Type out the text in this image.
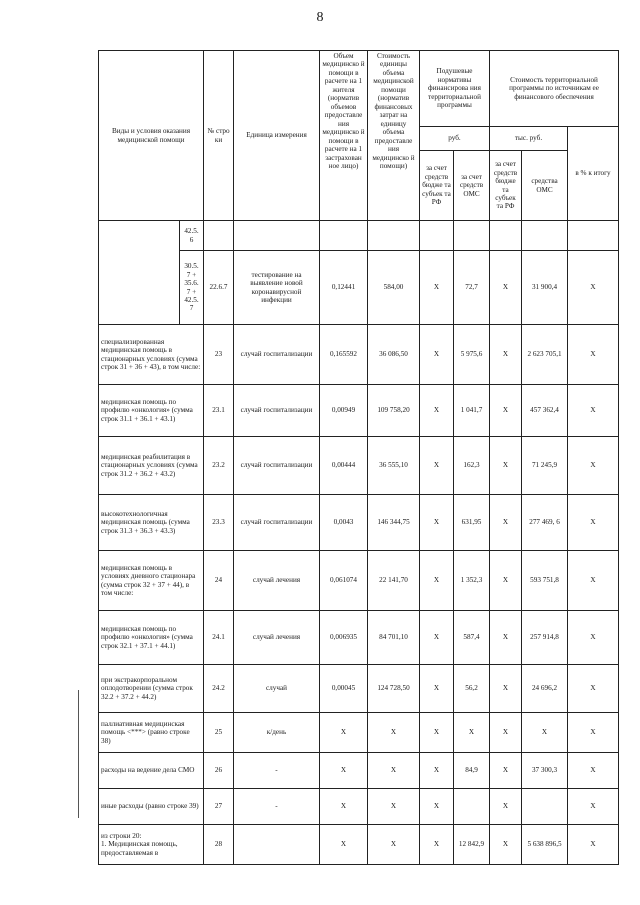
8
Виды и условия оказания медицинской помощи		№ стро ки	Единица измерения	Объем медицинско й помощи в расчете на 1 жителя (норматив объемов предоставле ния медицинско й помощи в расчете на 1 застрахован ное лицо)	Стоимость единицы объема медицинской помощи (норматив финансовых затрат на единицу объема предоставле ния медицинско й помощи)	Подушевые нормативы финансирова ния территориальной программы		Стоимость территориальной программы по источникам ее финансового обеспечения		
						руб.		тыс. руб.		в % к итогу
						за счет средств бюдже та субъек та РФ	за счет средств ОМС	за счет средств бюдже та субъек та РФ	средства ОМС	
	42.5. 6									
	30.5. 7 + 35.6. 7 + 42.5. 7	22.6.7	тестирование на выявление новой коронавирусной инфекции	0,12441	584,00	X	72,7	X	31 900,4	X
специализированная медицинская помощь в стационарных условиях (сумма строк 31 + 36 + 43), в том числе:		23	случай госпитализации	0,165592	36 086,50	X	5 975,6	X	2 623 705,1	X
медицинская помощь по профилю «онкология» (сумма строк 31.1 + 36.1 + 43.1)		23.1	случай госпитализации	0,00949	109 758,20	X	1 041,7	X	457 362,4	X
медицинская реабилитация в стационарных условиях (сумма строк 31.2 + 36.2 + 43.2)		23.2	случай госпитализации	0,00444	36 555,10	X	162,3	X	71 245,9	X
высокотехнологичная медицинская помощь (сумма строк 31.3 + 36.3 + 43.3)		23.3	случай госпитализации	0,0043	146 344,75	X	631,95	X	277 469, 6	X
медицинская помощь в условиях дневного стационара (сумма строк 32 + 37 + 44), в том числе:		24	случай лечения	0,061074	22 141,70	X	1 352,3	X	593 751,8	X
медицинская помощь по профилю «онкология» (сумма строк 32.1 + 37.1 + 44.1)		24.1	случай лечения	0,006935	84 701,10	X	587,4	X	257 914,8	X
при экстракорпоральном оплодотворении (сумма строк 32.2 + 37.2 + 44.2)		24.2	случай	0,00045	124 728,50	X	56,2	X	24 696,2	X
паллиативная медицинская помощь <***> (равно строке 38)		25	к/день	X	X	X	X	X	X	X
расходы на ведение дела СМО		26	-	X	X	X	84,9	X	37 300,3	X
иные расходы (равно строке 39)		27	-	X	X	X		X		X
из строки 20:
1. Медицинская помощь, предоставляемая в		28		X	X	X	12 842,9	X	5 638 896,5	X
